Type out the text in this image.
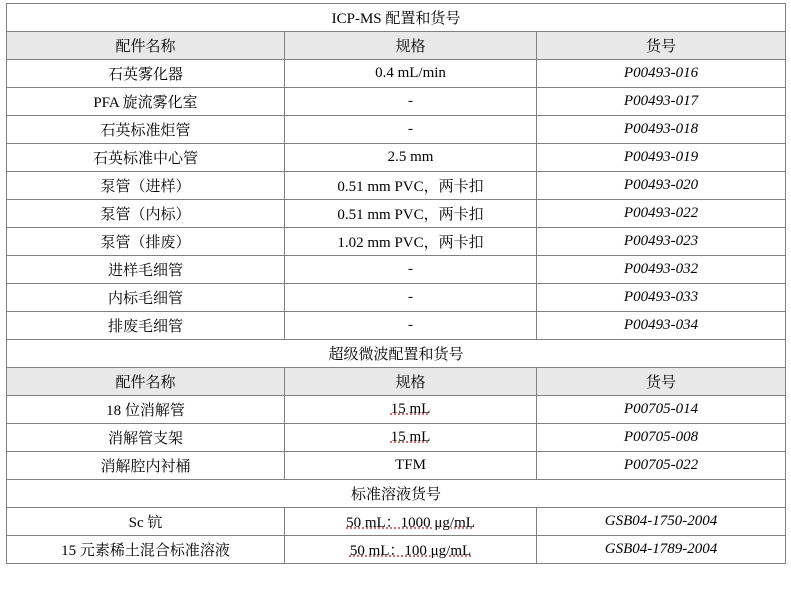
ICP-MS 配置和货号		
配件名称	规格	货号
石英雾化器	0.4 mL/min	P00493-016
PFA 旋流雾化室	-	P00493-017
石英标准炬管	-	P00493-018
石英标准中心管	2.5 mm	P00493-019
泵管（进样）	0.51 mm PVC，两卡扣	P00493-020
泵管（内标）	0.51 mm PVC，两卡扣	P00493-022
泵管（排废）	1.02 mm PVC，两卡扣	P00493-023
进样毛细管	-	P00493-032
内标毛细管	-	P00493-033
排废毛细管	-	P00493-034
超级微波配置和货号		
配件名称	规格	货号
18 位消解管	15 mL	P00705-014
消解管支架	15 mL	P00705-008
消解腔内衬桶	TFM	P00705-022
标准溶液货号		
Sc 钪	50 mL：1000 μg/mL	GSB04-1750-2004
15 元素稀土混合标准溶液	50 mL：100 μg/mL	GSB04-1789-2004
